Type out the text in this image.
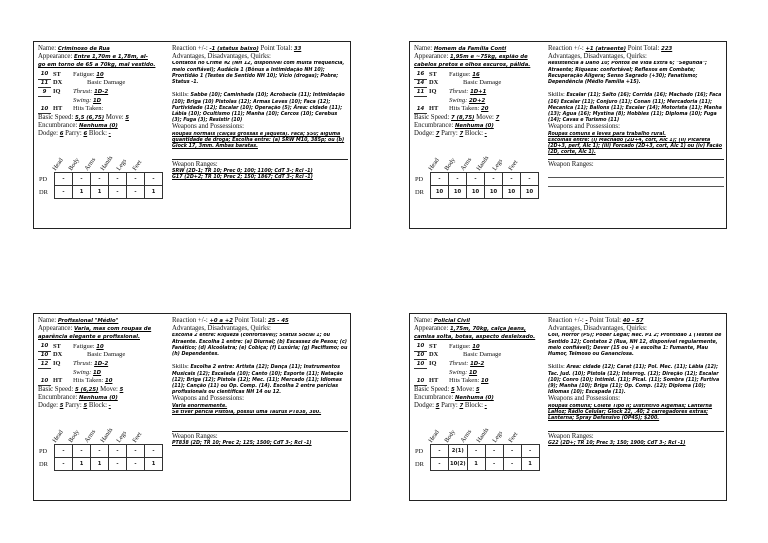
Name: Criminoso de Rua
Appearance: Entre 1,70m e 1,78m, al-
go em torno de 65 a 70kg, mal vestido.
10 ST	Fatigue: 10
11 DX	Basic Damage
9	IQ	Thrust: 1D-2
Swing: 1D
10 HT	Hits Taken:
Basic Speed: 5,5 (6,75) Move: 5
Encumbrance: Nenhuma (0)
Dodge: 6 Parry: 6 Block: -
Head Body Arms Hands Legs Feet
PD	-	-	-	-	-	-
DR	-	1	1	-	-	1
Reaction +/-: -1 (status baixo) Point Total: 33
Advantages, Disadvantages, Quirks:
Contatos no Crime #2 (NH 12, disponível com muita frequência, meio confiável); Audácia 1 (Bônus a Intimidação NH 10); Prontidão 1 (Testes de Sentido NH 10); Vício (drogas); Pobre; Status -1.
Skills: Sabbe (10); Caminhada (10); Acrobacia (11); Intimidação (10); Briga (10) Pistolas (12); Armas Leves (10); Faca (12); Furtividade (12); Escalar (10); Operação (5); Área: cidade (11); Lábia (10); Ocultismo (11); Manha (10); Cercos (10); Cerebus (3); Fuga (3); Resistir (10)
Weapons and Possessions:
Roupas normais (calças grossas e jaqueta). Faca; $50; alguma quantidade de droga; Escolha entre: (a) SRW M10, 385p; ou (b) Glock 17, 3mm. Ambas baratas.
Weapon Ranges:
SRW (2D-1; TR 10; Prec 0; 100; 1100; CdT 3-; Rcl -1)
G17 (2D+2; TR 10; Prec 2; 150; 1867; CdT 3-; Rcl -1)
Name: Homem da Família Conti
Appearance: 1,95m e ~75kg, espião de
cabelos pretos e olhos escuros, pálida.
16 ST	Fatigue: 16
14 DX	Basic Damage
11 IQ	Thrust: 1D+1
Swing: 2D+2
14 HT	Hits Taken: 20
Basic Speed: 7 (8,75) Move: 7
Encumbrance: Nenhuma (0)
Dodge: 7 Parry: 7 Block: -
Head Body Arms Hands Legs Feet
PD	-	-	-	-	-	-
DR	10	10	10	10	10	10
Reaction +/-: +1 (atraente) Point Total: 223
Advantages, Disadvantages, Quirks:
Resistência a Dano 10; Pontos de Vida Extra 6; "Segunda"; Atraente; Riqueza: confortável; Reflexos em Combate; Recuperação Aligera; Senso Sagrado (+30); Fanatismo; Dependência (Médio Família +15).
Skills: Escalar (11); Salto (16); Corrida (16); Machado (16); Faca (16) Escalar (11); Conjuro (11); Conan (11); Mercadoria (11); Mecanica (11); Ballons (11); Escalar (14); Motorista (11); Manha (13); Agua (16); Mystina (8); Hobbies (11); Diploma (10); Fuga (14); Cavas e Turismo (11)
Weapons and Possessions:
Roupas comuns e leves para trabalho rural.
Escolhas entre: (i) Machado (2D+4, cort, Alc 1); (ii) Picareta (2D+3, perf, Alc 1); (iii) Forcado (2D+3, cort, Alc 1) ou (iv) Facão (2D, corte, Alc 1).
Weapon Ranges:
Name: Profissional "Médio"
Appearance: Varia, mas com roupas de
aparência elegante e profissional.
10 ST	Fatigue: 10
10 DX	Basic Damage
12 IQ	Thrust: 1D-2
Swing: 1D
10 HT	Hits Taken: 10
Basic Speed: 5 (6,25) Move: 5
Encumbrance: Nenhuma (0)
Dodge: 5 Parry: 5 Block: -
Head Body Arms Hands Legs Feet
PD	-	-	-	-	-	-
DR	-	1	1	-	-	1
Reaction +/-: +0 a +2 Point Total: 25 - 45
Advantages, Disadvantages, Quirks:
Escolha 2 entre: Riqueza (confortável); Status Social 1; ou Atraente. Escolha 1 entre: (a) Diurnal; (b) Escassez de Pesos; (c) Fanático; (d) Alcoólatra; (e) Cobiça; (f) Luxúria; (g) Pacifismo; ou (h) Dependentes.
Skills: Escolha 2 entre: Artista (12); Dança (11); Instrumentos Musicais (12); Escalada (10); Canto (10); Esporte (11); Natação (12); Briga (12); Pistola (12); Mec. (11); Mercado (11); Idiomas (11); Canção (11) ou Op. Comp. (14). Escolha 2 entre perícias profissionais ou científicas NH 14 ou 12.
Weapons and Possessions:
Varia enormemente.
Se tiver perícia Pistola, possui uma Taurus PT838, 380.
Weapon Ranges:
PT838 (2D; TR 10; Prec 2; 125; 1500; CdT 3-; Rcl -1)
Name: Policial Civil
Appearance: 1,75m, 70kg, calça jeans,
camisa solta, botas, aspecto desleixado.
10 ST	Fatigue: 10
10 DX	Basic Damage
10 IQ	Thrust: 1D-2
Swing: 1D
10 HT	Hits Taken: 10
Basic Speed: 5 Move: 5
Encumbrance: Nenhuma (0)
Dodge: 5 Parry: 7 Block: -
Head Body Arms Hands Legs Feet
PD	-	2(1)	-	-	-	-
DR	-	10(2)	1	-	-	1
Reaction +/-: - Point Total: 40 - 57
Advantages, Disadvantages, Quirks:
Coil, Horror (P5); Poder Legal; Nec. P1 2; Prontidão 1 (Testes de Sentido 12); Contatos 2 (Rua, NH 12, disponível regularmente, meio confiável); Dever (15 ou -) e escolha 1: Fumante, Mau Humor, Teimoso ou Gananciosa.
Skills: Area: cidade (12); Carat (11); Pol. Mec. (11); Lábia (12); Tac. Jud. (10); Pistola (12); Interrog. (12); Direção (12); Escalar (10); Conro (10); Intimid. (11); Pical. (11); Sombra (11); Furtiva (9); Manha (10); Briga (11); Op. Comp. (12); Diploma (10); Idiomas (10); Escapada (11).
Weapons and Possessions:
Roupas comuns; Colete Tipo II; Distintivo Algemas; Lanterna LaHoz; Rádio Celular; Glock 22, .40; 2 carregadores extras; Lanterna; Spray Defensivo (OP4S); $200.
Weapon Ranges:
G22 (2D+; TR 10; Prec 3; 150; 1900; CdT 3-; Rcl -1)
